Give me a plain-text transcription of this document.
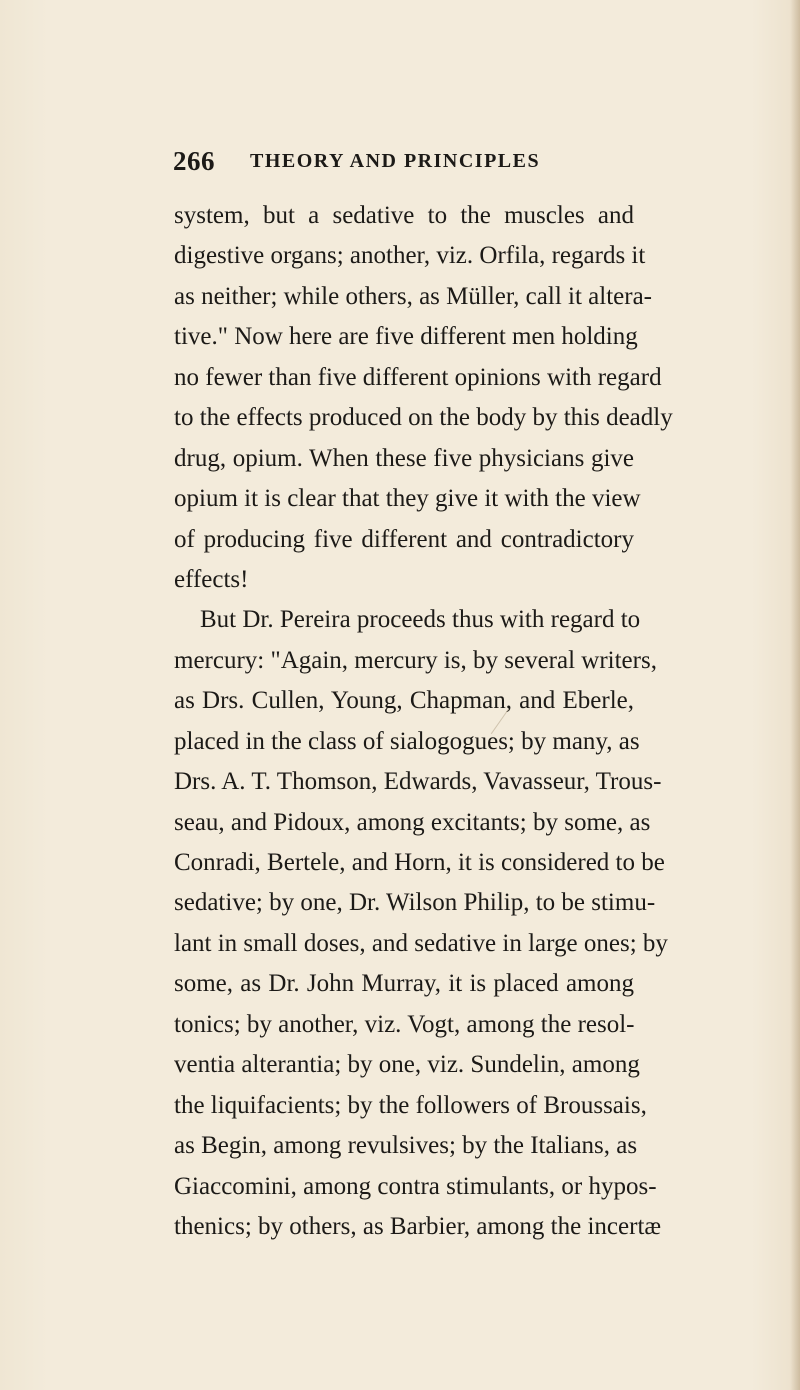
266 THEORY AND PRINCIPLES
system, but a sedative to the muscles and
digestive organs; another, viz. Orfila, regards it
as neither; while others, as Müller, call it altera-
tive." Now here are five different men holding
no fewer than five different opinions with regard
to the effects produced on the body by this deadly
drug, opium. When these five physicians give
opium it is clear that they give it with the view
of producing five different and contradictory
effects!
But Dr. Pereira proceeds thus with regard to
mercury: "Again, mercury is, by several writers,
as Drs. Cullen, Young, Chapman, and Eberle,
placed in the class of sialogogues; by many, as
Drs. A. T. Thomson, Edwards, Vavasseur, Trous-
seau, and Pidoux, among excitants; by some, as
Conradi, Bertele, and Horn, it is considered to be
sedative; by one, Dr. Wilson Philip, to be stimu-
lant in small doses, and sedative in large ones; by
some, as Dr. John Murray, it is placed among
tonics; by another, viz. Vogt, among the resol-
ventia alterantia; by one, viz. Sundelin, among
the liquifacients; by the followers of Broussais,
as Begin, among revulsives; by the Italians, as
Giaccomini, among contra stimulants, or hypos-
thenics; by others, as Barbier, among the incertæ
